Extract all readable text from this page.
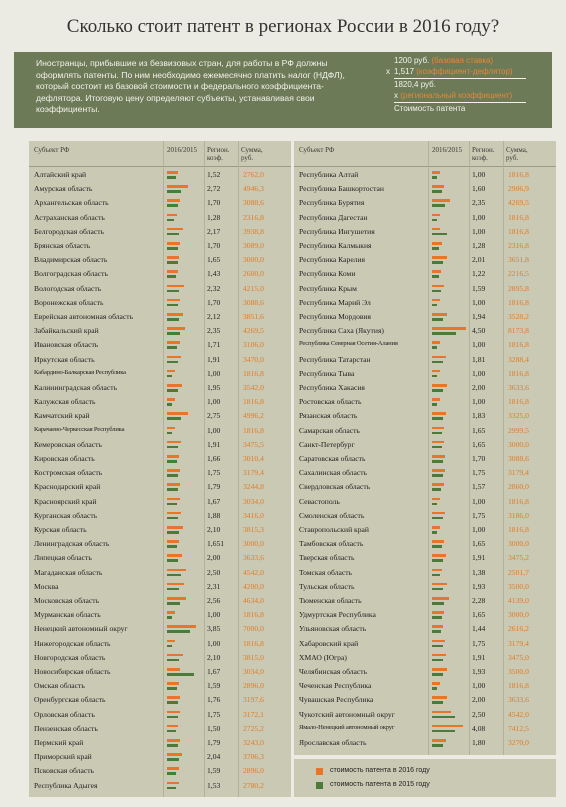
Сколько стоит патент в регионах России в 2016 году?
Иностранцы, прибывшие из безвизовых стран, для работы в РФ должны оформлять патенты. По ним необходимо ежемесячно платить налог (НДФЛ), который состоит из базовой стоимости и федерального коэффициента- дефлятора. Итоговую цену определяют субъекты, устанавливая свои коэффициенты.
1200 руб. (базовая ставка)
х 1,517 (коэффициент-дефлятор)
1820,4 руб.
х (региональный коэффициент)
Стоимость патента
Субъект РФ	2016/2015 Регион. коэф.
Сумма, руб.
Алтайский край	1,52	2762,0
Амурская область	2,72	4946,3
Архангельская область	1,70	3088,6
Астраханская область	1,28	2316,8
Белгородская область	2,17	3938,8
Брянская область	1,70	3089,0
Владимирская область	1,65	3000,0
Волгоградская область	1,43	2600,0
Вологодская область	2,32	4215,0
Воронежская область	1,70	3088,6
Еврейская автономная область	2,12	3851,6
Забайкальский край	2,35	4269,5
Ивановская область	1,71	3106,0
Иркутская область	1,91	3470,0
Кабардино-Балкарская Республика	1,00	1816,8
Калининградская область	1,95	3542,0
Калужская область	1,00	1816,8
Камчатский край	2,75	4996,2
Карачаево-Черкесская Республика	1,00	1816,8
Кемеровская область	1,91	3475,5
Кировская область	1,66	3010,4
Костромская область	1,75	3179,4
Краснодарский край	1,79	3244,8
Красноярский край	1,67	3034,0
Курганская область	1,88	3416,0
Курская область	2,10	3815,3
Ленинградская область	1,651 3000,0
Липецкая область	2,00	3633,6
Магаданская область	2,50	4542,0
Москва	2,31	4200,0
Московская область	2,56	4634,0
Мурманская область	1,00	1816,8
Ненецкий автономный округ	3,85	7000,0
Нижегородская область	1,00	1816,8
Новгородская область	2,10	3815,0
Новосибирская область	1,67	3034,0
Омская область	1,59	2896,0
Оренбургская область	1,76	3197,6
Орловская область	1,75	3172,1
Пензенская область	1,50	2725,2
Пермский край	1,79	3243,0
Приморский край	2,04	3706,3
Псковская область	1,59	2896,0
Республика Адыгея	1,53	2780,2
Субъект РФ	2016/2015 Регион. коэф.
Сумма, руб.
Республика Алтай	1,00	1816,8
Республика Башкортостан	1,60	2906,9
Республика Бурятия	2,35	4269,5
Республика Дагестан	1,00	1816,8
Республика Ингушетия	1,00	1816,8
Республика Калмыкия	1,28	2316,8
Республика Карелия	2,01	3651,8
Республика Коми	1,22	2216,5
Республика Крым	1,59	2895,8
Республика Марий Эл	1,00	1816,8
Республика Мордовия	1,94	3528,2
Республика Саха (Якутия)	4,50	8173,8
Республика Северная Осетия-Алания	1,00	1816,8
Республика Татарстан	1,81	3288,4
Республика Тыва	1,00	1816,8
Республика Хакасия	2,00	3633,6
Ростовская область	1,00	1816,8
Рязанская область	1,83	3325,0
Самарская область	1,65	2999,5
Санкт-Петербург	1,65	3000,0
Саратовская область	1,70	3088,6
Сахалинская область	1,75	3179,4
Свердловская область	1,57	2860,0
Севастополь	1,00	1816,8
Смоленская область	1,75	3186,0
Ставропольский край	1,00	1816,8
Тамбовская область	1,65	3000,0
Тверская область	1,91	3475,2
Томская область	1,38	2501,7
Тульская область	1,93	3500,0
Тюменская область	2,28	4139,0
Удмуртская Республика	1,65	3000,0
Ульяновская область	1,44	2616,2
Хабаровский край	1,75	3179,4
ХМАО (Югра)	1,91	3475,0
Челябинская область	1,93	3500,0
Чеченская Республика	1,00	1816,8
Чувашская Республика	2,00	3633,6
Чукотский автономный округ	2,50	4542,0
Ямало-Ненецкий автономный округ	4,08	7412,5
Ярославская область	1,80	3270,0
стоимость патента в 2016 году
стоимость патента в 2015 году
